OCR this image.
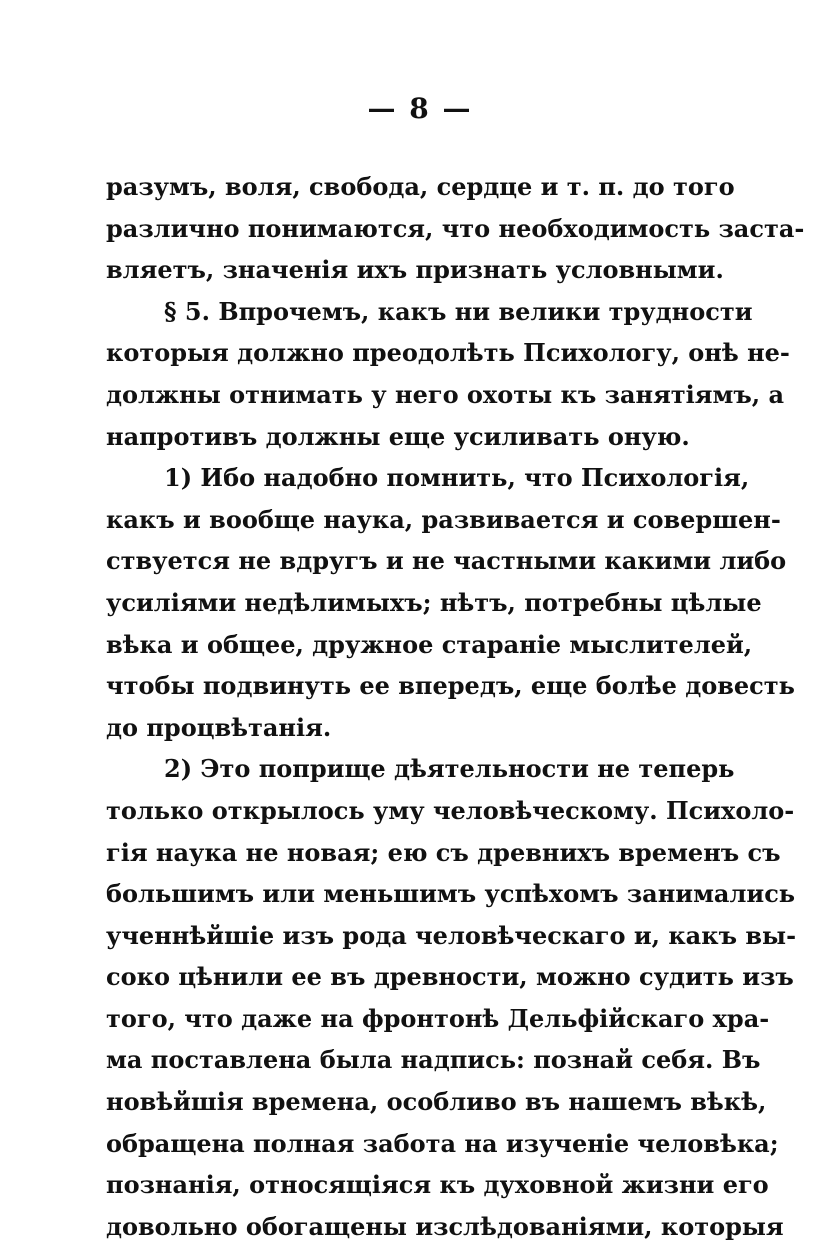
— 8 —
разумъ, воля, свобода, сердце и т. п. до того
различно понимаются, что необходимость заста-
вляетъ, значенія ихъ признать условными.
§ 5. Впрочемъ, какъ ни велики трудности
которыя должно преодолѣть Психологу, онѣ не-
должны отнимать у него охоты къ занятіямъ, а
напротивъ должны еще усиливать оную.
1) Ибо надобно помнить, что Психологія,
какъ и вообще наука, развивается и совершен-
ствуется не вдругъ и не частными какими либо
усиліями недѣлимыхъ; нѣтъ, потребны цѣлые
вѣка и общее, дружное стараніе мыслителей,
чтобы подвинуть ее впередъ, еще болѣе довесть
до процвѣтанія.
2) Это поприще дѣятельности не теперь
только открылось уму человѣческому. Психоло-
гія наука не новая; ею съ древнихъ временъ съ
большимъ или меньшимъ успѣхомъ занимались
ученнѣйшіе изъ рода человѣческаго и, какъ вы-
соко цѣнили ее въ древности, можно судить изъ
того, что даже на фронтонѣ Дельфійскаго хра-
ма поставлена была надпись: познай себя. Въ
новѣйшія времена, особливо въ нашемъ вѣкѣ,
обращена полная забота на изученіе человѣка;
познанія, относящіяся къ духовной жизни его
довольно обогащены изслѣдованіями, которыя
